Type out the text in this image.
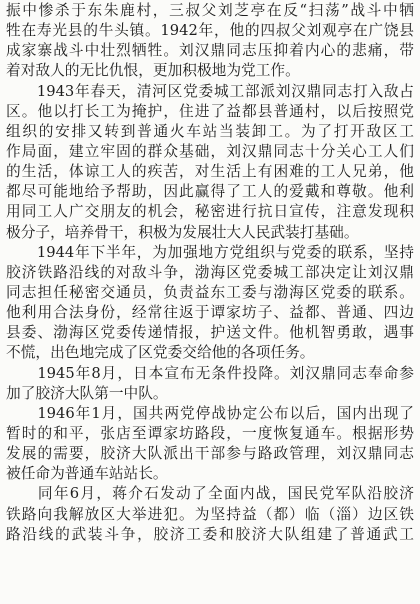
振中惨杀于东朱鹿村，三叔父刘芝亭在反“扫荡”战斗中牺
牲在寿光县的牛头镇。1942年，他的四叔父刘观亭在广饶县
成家寨战斗中壮烈牺牲。刘汉鼎同志压抑着内心的悲痛，带
着对敌人的无比仇恨，更加积极地为党工作。
　　1943年春天，清河区党委城工部派刘汉鼎同志打入敌占
区。他以打长工为掩护，住进了益都县普通村，以后按照党
组织的安排又转到普通火车站当装卸工。为了打开敌区工
作局面，建立牢固的群众基础，刘汉鼎同志十分关心工人们
的生活，体谅工人的疾苦，对生活上有困难的工人兄弟，他
都尽可能地给予帮助，因此赢得了工人的爱戴和尊敬。他利
用同工人广交朋友的机会，秘密进行抗日宣传，注意发现积
极分子，培养骨干，积极为发展壮大人民武装打基础。
　　1944年下半年，为加强地方党组织与党委的联系，坚持
胶济铁路沿线的对敌斗争，渤海区党委城工部决定让刘汉鼎
同志担任秘密交通员，负责益东工委与渤海区党委的联系。
他利用合法身份，经常往返于谭家坊子、益都、普通、四边
县委、渤海区党委传递情报，护送文件。他机智勇敢，遇事
不慌，出色地完成了区党委交给他的各项任务。
　　1945年8月，日本宣布无条件投降。刘汉鼎同志奉命参
加了胶济大队第一中队。
　　1946年1月，国共两党停战协定公布以后，国内出现了
暂时的和平，张店至谭家坊路段，一度恢复通车。根据形势
发展的需要，胶济大队派出干部参与路政管理，刘汉鼎同志
被任命为普通车站站长。
　　同年6月，蒋介石发动了全面内战，国民党军队沿胶济
铁路向我解放区大举进犯。为坚持益（都）临（淄）边区铁
路沿线的武装斗争，胶济工委和胶济大队组建了普通武工
